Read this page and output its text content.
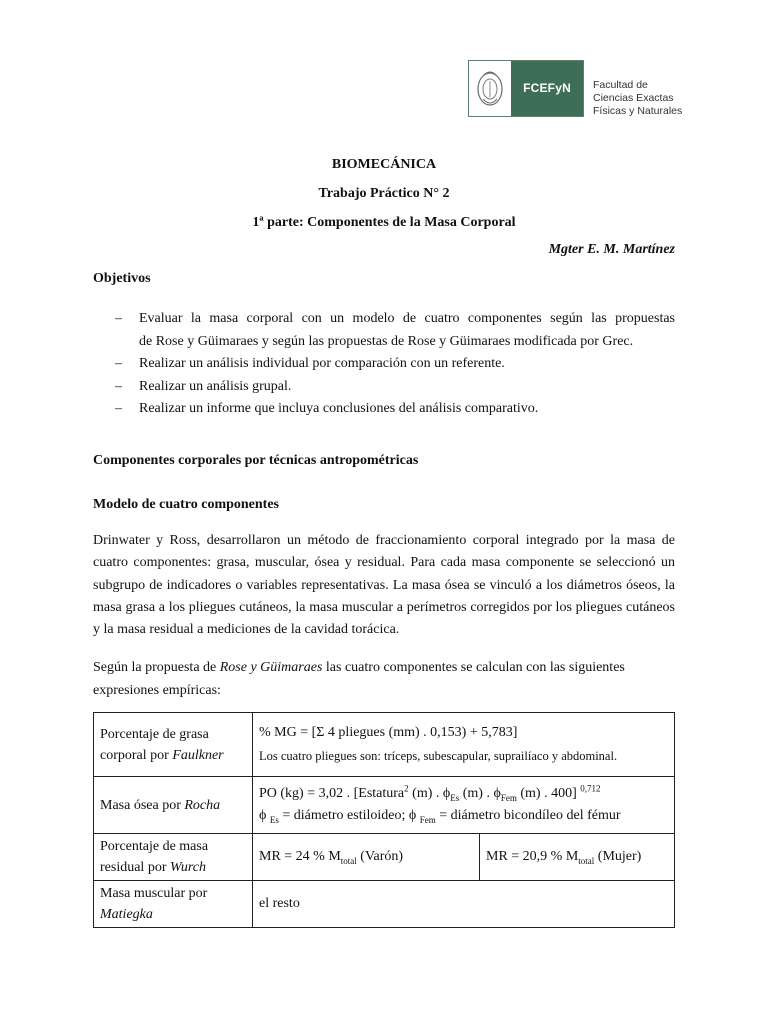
FCEFyN	Facultad de
Ciencias Exactas
Físicas y Naturales
BIOMECÁNICA
Trabajo Práctico N° 2
1ª parte: Componentes de la Masa Corporal
Mgter E. M. Martínez
Objetivos
– Evaluar la masa corporal con un modelo de cuatro componentes según las propuestas
de Rose y Güimaraes y según las propuestas de Rose y Güimaraes modificada por Grec.
– Realizar un análisis individual por comparación con un referente.
– Realizar un análisis grupal.
– Realizar un informe que incluya conclusiones del análisis comparativo.
Componentes corporales por técnicas antropométricas
Modelo de cuatro componentes
Drinwater y Ross, desarrollaron un método de fraccionamiento corporal integrado por la masa de cuatro componentes: grasa, muscular, ósea y residual. Para cada masa componente se seleccionó un subgrupo de indicadores o variables representativas. La masa ósea se vinculó a los diámetros óseos, la masa grasa a los pliegues cutáneos, la masa muscular a perímetros corregidos por los pliegues cutáneos y la masa residual a mediciones de la cavidad torácica.
Según la propuesta de Rose y Güimaraes las cuatro componentes se calculan con las siguientes expresiones empíricas:
Porcentaje de grasa corporal por Faulkner	% MG = [Σ 4 pliegues (mm) . 0,153) + 5,783]
Los cuatro pliegues son: tríceps, subescapular, suprailíaco y abdominal.	

Masa ósea por Rocha	PO (kg) = 3,02 . [Estatura$^2$ (m) . $\phi_{Es}$ (m) . $\phi_{Fem}$ (m) . 400] $^{0,712}$
ϕ $_{Es}$ = diámetro estiloideo; ϕ $_{Fem}$ = diámetro bicondíleo del fémur	

Porcentaje de masa residual por Wurch	MR = 24 % $M_{total}$ (Varón)	MR = 20,9 % $M_{total}$ (Mujer)
Masa muscular por Matiegka	el resto	
